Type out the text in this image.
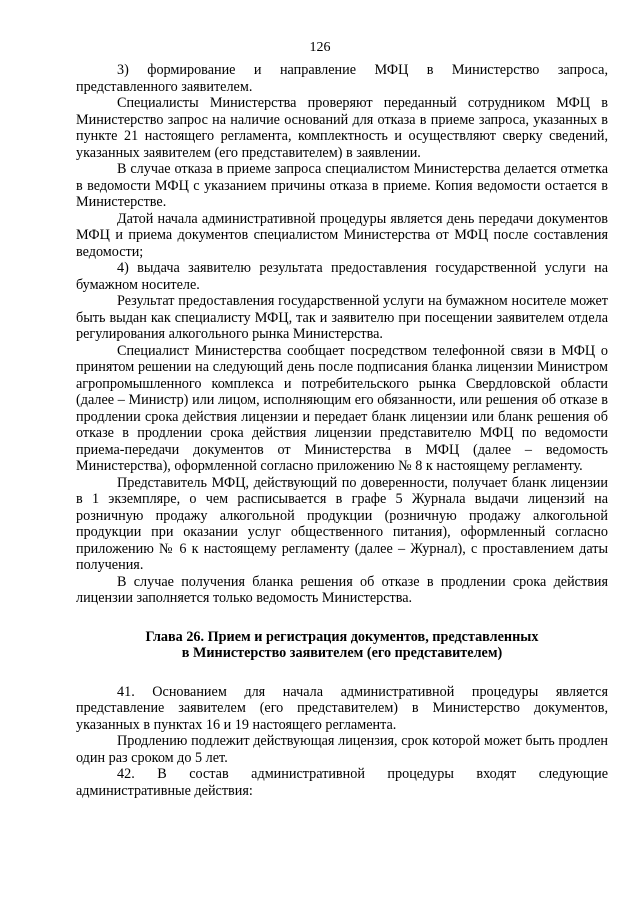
126

3) формирование и направление МФЦ в Министерство запроса, представленного заявителем.

Специалисты Министерства проверяют переданный сотрудником МФЦ в Министерство запрос на наличие оснований для отказа в приеме запроса, указанных в пункте 21 настоящего регламента, комплектность и осуществляют сверку сведений, указанных заявителем (его представителем) в заявлении.

В случае отказа в приеме запроса специалистом Министерства делается отметка в ведомости МФЦ с указанием причины отказа в приеме. Копия ведомости остается в Министерстве.

Датой начала административной процедуры является день передачи документов МФЦ и приема документов специалистом Министерства от МФЦ после составления ведомости;

4) выдача заявителю результата предоставления государственной услуги на бумажном носителе.

Результат предоставления государственной услуги на бумажном носителе может быть выдан как специалисту МФЦ, так и заявителю при посещении заявителем отдела регулирования алкогольного рынка Министерства.

Специалист Министерства сообщает посредством телефонной связи в МФЦ о принятом решении на следующий день после подписания бланка лицензии Министром агропромышленного комплекса и потребительского рынка Свердловской области (далее – Министр) или лицом, исполняющим его обязанности, или решения об отказе в продлении срока действия лицензии и передает бланк лицензии или бланк решения об отказе в продлении срока действия лицензии представителю МФЦ по ведомости приема-передачи документов от Министерства в МФЦ (далее – ведомость Министерства), оформленной согласно приложению № 8 к настоящему регламенту.

Представитель МФЦ, действующий по доверенности, получает бланк лицензии в 1 экземпляре, о чем расписывается в графе 5 Журнала выдачи лицензий на розничную продажу алкогольной продукции (розничную продажу алкогольной продукции при оказании услуг общественного питания), оформленный согласно приложению № 6 к настоящему регламенту (далее – Журнал), с проставлением даты получения.

В случае получения бланка решения об отказе в продлении срока действия лицензии заполняется только ведомость Министерства.

Глава 26. Прием и регистрация документов, представленных
в Министерство заявителем (его представителем)

41. Основанием для начала административной процедуры является представление заявителем (его представителем) в Министерство документов, указанных в пунктах 16 и 19 настоящего регламента.

Продлению подлежит действующая лицензия, срок которой может быть продлен один раз сроком до 5 лет.

42. В состав административной процедуры входят следующие административные действия:
